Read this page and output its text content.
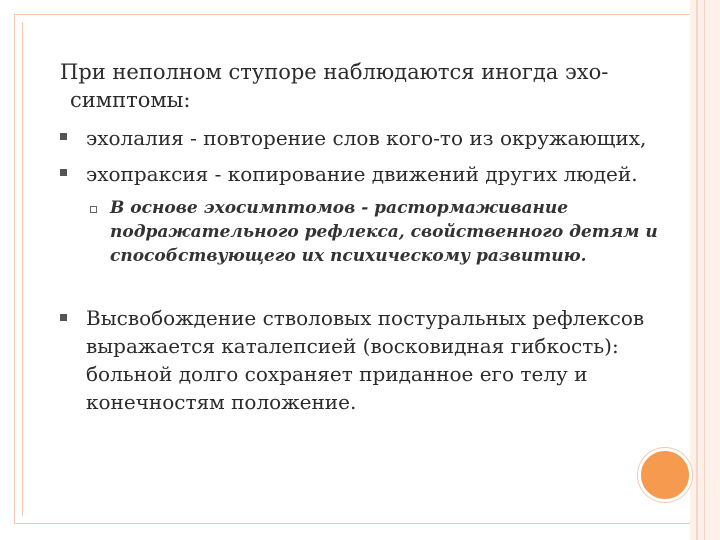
При неполном ступоре наблюдаются иногда эхо-симптомы:

эхолалия - повторение слов кого-то из окружающих,
эхопраксия - копирование движений других людей.
В основе эхосимптомов - растормаживание подражательного рефлекса, свойственного детям и способствующего их психическому развитию.
Высвобождение стволовых постуральных рефлексов выражается каталепсией (восковидная гибкость): больной долго сохраняет приданное его телу и конечностям положение.
